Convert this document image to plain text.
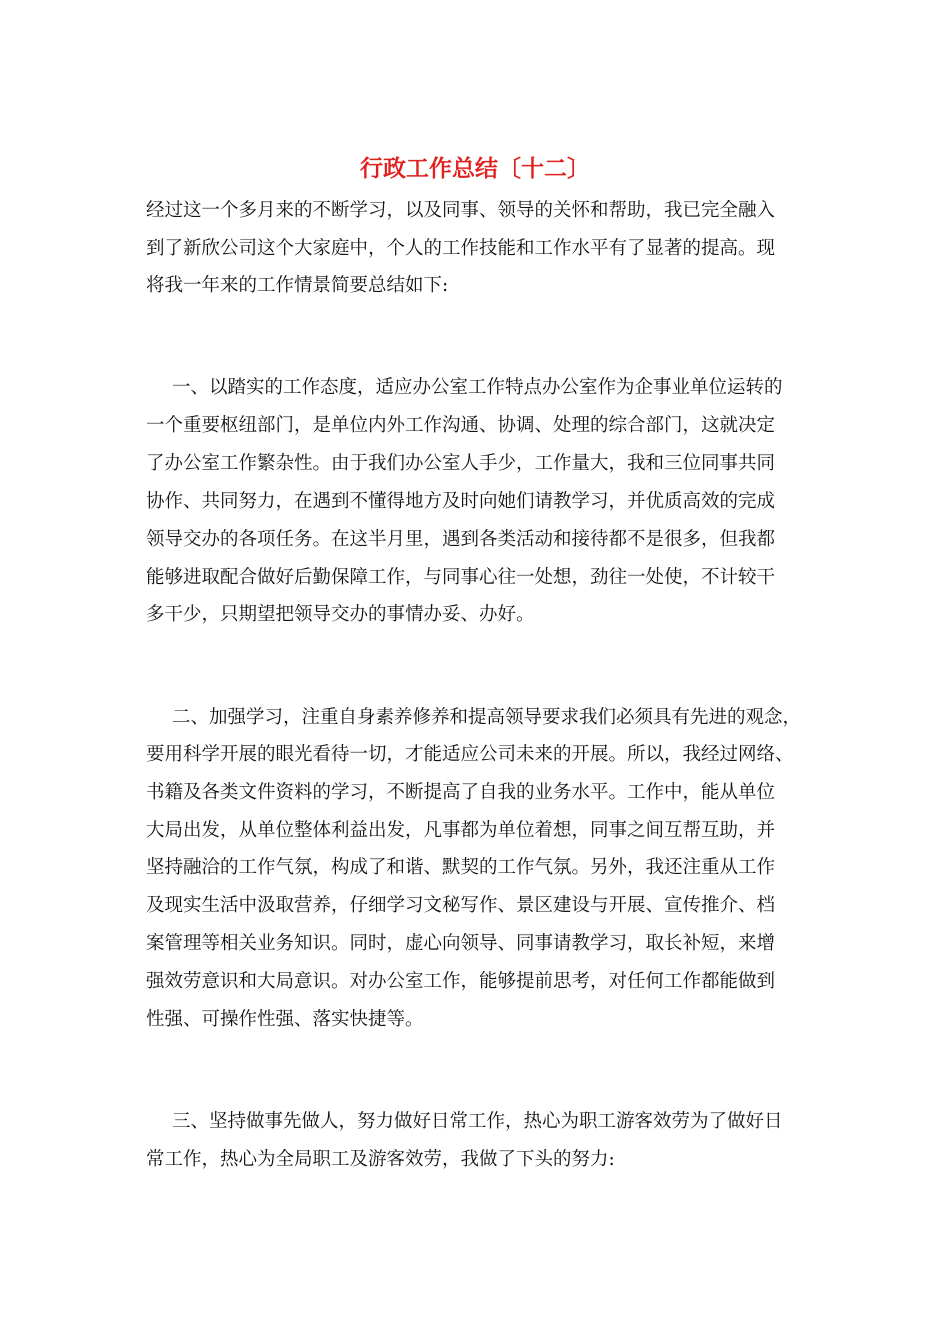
行政工作总结〔十二〕
经过这一个多月来的不断学习，以及同事、领导的关怀和帮助，我已完全融入
到了新欣公司这个大家庭中，个人的工作技能和工作水平有了显著的提高。现
将我一年来的工作情景简要总结如下:
一、以踏实的工作态度，适应办公室工作特点办公室作为企事业单位运转的
一个重要枢纽部门，是单位内外工作沟通、协调、处理的综合部门，这就决定
了办公室工作繁杂性。由于我们办公室人手少，工作量大，我和三位同事共同
协作、共同努力，在遇到不懂得地方及时向她们请教学习，并优质高效的完成
领导交办的各项任务。在这半月里，遇到各类活动和接待都不是很多，但我都
能够进取配合做好后勤保障工作，与同事心往一处想，劲往一处使，不计较干
多干少，只期望把领导交办的事情办妥、办好。
二、加强学习，注重自身素养修养和提高领导要求我们必须具有先进的观念，
要用科学开展的眼光看待一切，才能适应公司未来的开展。所以，我经过网络、
书籍及各类文件资料的学习，不断提高了自我的业务水平。工作中，能从单位
大局出发，从单位整体利益出发，凡事都为单位着想，同事之间互帮互助，并
坚持融洽的工作气氛，构成了和谐、默契的工作气氛。另外，我还注重从工作
及现实生活中汲取营养，仔细学习文秘写作、景区建设与开展、宣传推介、档
案管理等相关业务知识。同时，虚心向领导、同事请教学习，取长补短，来增
强效劳意识和大局意识。对办公室工作，能够提前思考，对任何工作都能做到
性强、可操作性强、落实快捷等。
三、坚持做事先做人，努力做好日常工作，热心为职工游客效劳为了做好日
常工作，热心为全局职工及游客效劳，我做了下头的努力:
